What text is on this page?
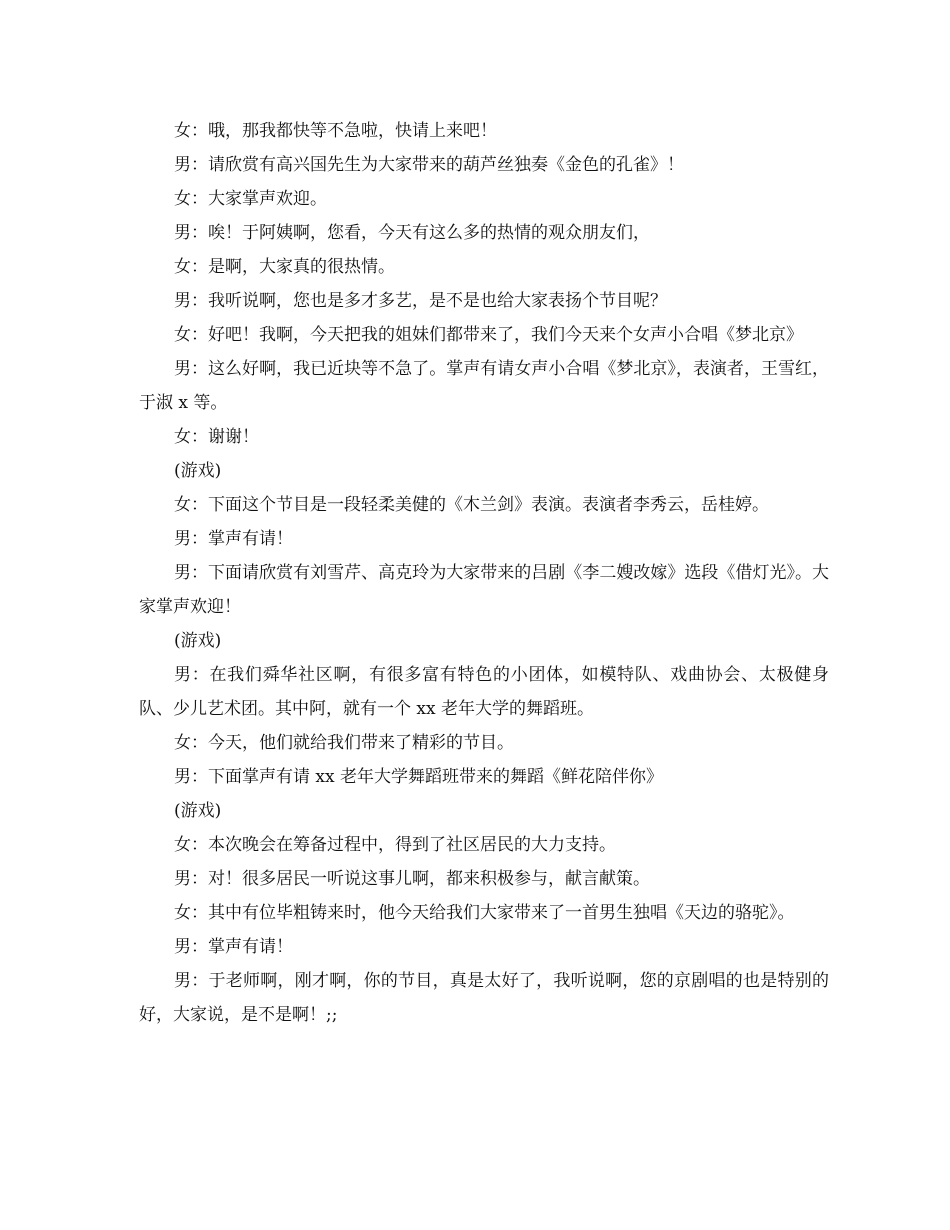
女：哦，那我都快等不急啦，快请上来吧！

男：请欣赏有高兴国先生为大家带来的葫芦丝独奏《金色的孔雀》！

女：大家掌声欢迎。

男：唉！于阿姨啊，您看，今天有这么多的热情的观众朋友们，

女：是啊，大家真的很热情。

男：我听说啊，您也是多才多艺，是不是也给大家表扬个节目呢？

女：好吧！我啊，今天把我的姐妹们都带来了，我们今天来个女声小合唱《梦北京》

男：这么好啊，我已近块等不急了。掌声有请女声小合唱《梦北京》，表演者，王雪红，于淑 x 等。

女：谢谢！

(游戏)

女：下面这个节目是一段轻柔美健的《木兰剑》表演。表演者李秀云，岳桂婷。

男：掌声有请！

男：下面请欣赏有刘雪芹、高克玲为大家带来的吕剧《李二嫂改嫁》选段《借灯光》。大家掌声欢迎！

(游戏)

男：在我们舜华社区啊，有很多富有特色的小团体，如模特队、戏曲协会、太极健身队、少儿艺术团。其中阿，就有一个 xx 老年大学的舞蹈班。

女：今天，他们就给我们带来了精彩的节目。

男：下面掌声有请 xx 老年大学舞蹈班带来的舞蹈《鲜花陪伴你》

(游戏)

女：本次晚会在筹备过程中，得到了社区居民的大力支持。

男：对！很多居民一听说这事儿啊，都来积极参与，献言献策。

女：其中有位毕粗铸来时，他今天给我们大家带来了一首男生独唱《天边的骆驼》。

男：掌声有请！

男：于老师啊，刚才啊，你的节目，真是太好了，我听说啊，您的京剧唱的也是特别的好，大家说，是不是啊！;;
